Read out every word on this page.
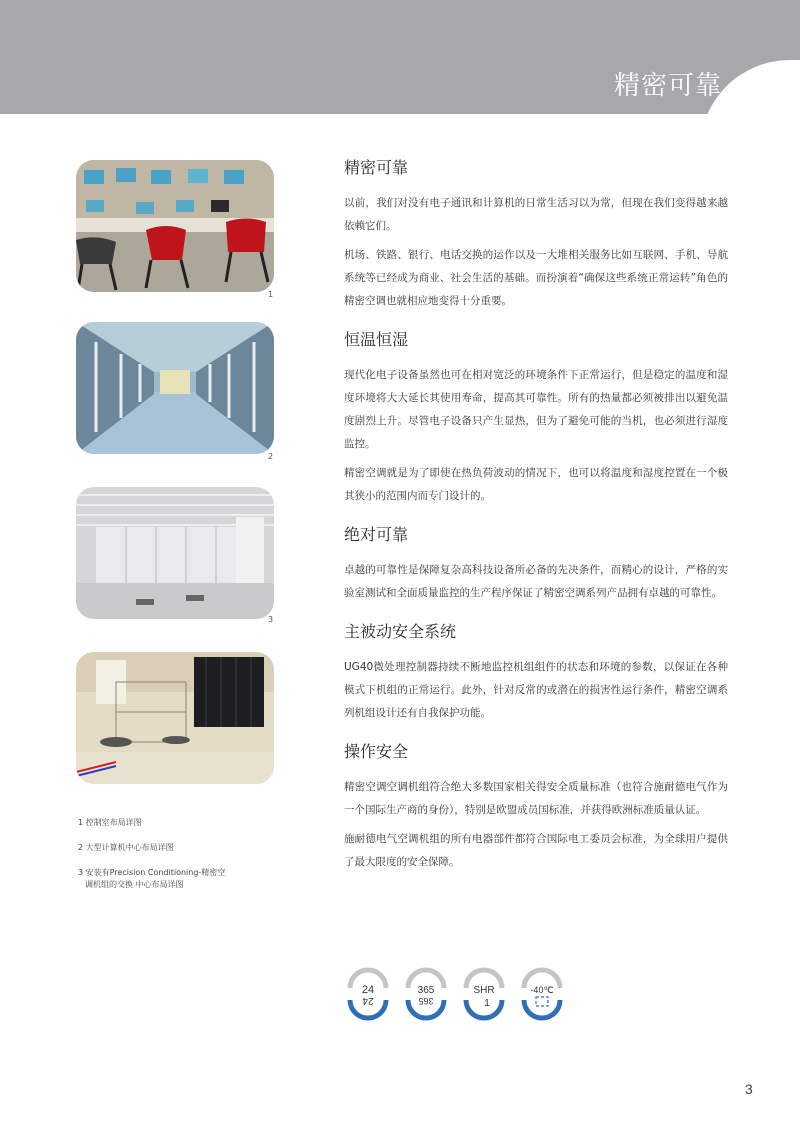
精密可靠
1
2
3
1 控制室布局详图
2 大型计算机中心布局详图
3 安装有Precision Conditioning-精密空
调机组的交换 中心布局详图
精密可靠

以前，我们对没有电子通讯和计算机的日常生活习以为常，但现在我们变得越来越依赖它们。

机场、铁路、银行、电话交换的运作以及一大堆相关服务比如互联网、手机、导航系统等已经成为商业、社会生活的基础。而扮演着“确保这些系统正常运转”角色的精密空调也就相应地变得十分重要。

恒温恒湿

现代化电子设备虽然也可在相对宽泛的环境条件下正常运行，但是稳定的温度和湿度环境将大大延长其使用寿命，提高其可靠性。所有的热量都必须被排出以避免温度剧烈上升。尽管电子设备只产生显热，但为了避免可能的当机，也必须进行湿度监控。

精密空调就是为了即使在热负荷波动的情况下，也可以将温度和湿度控置在一个极其狭小的范围内而专门设计的。

绝对可靠

卓越的可靠性是保障复杂高科技设备所必备的先决条件，而精心的设计，严格的实验室测试和全面质量监控的生产程序保证了精密空调系列产品拥有卓越的可靠性。

主被动安全系统

UG40微处理控制器持续不断地监控机组组件的状态和环境的参数，以保证在各种模式下机组的正常运行。此外，针对反常的或潜在的损害性运行条件，精密空调系列机组设计还有自我保护功能。

操作安全

精密空调空调机组符合绝大多数国家相关得安全质量标准（也符合施耐德电气作为一个国际生产商的身份），特别是欧盟成员国标准，并获得欧洲标准质量认证。

施耐德电气空调机组的所有电器部件都符合国际电工委员会标准，为全球用户提供了最大限度的安全保障。

24
24
365
365
SHR
1
-40℃
3
